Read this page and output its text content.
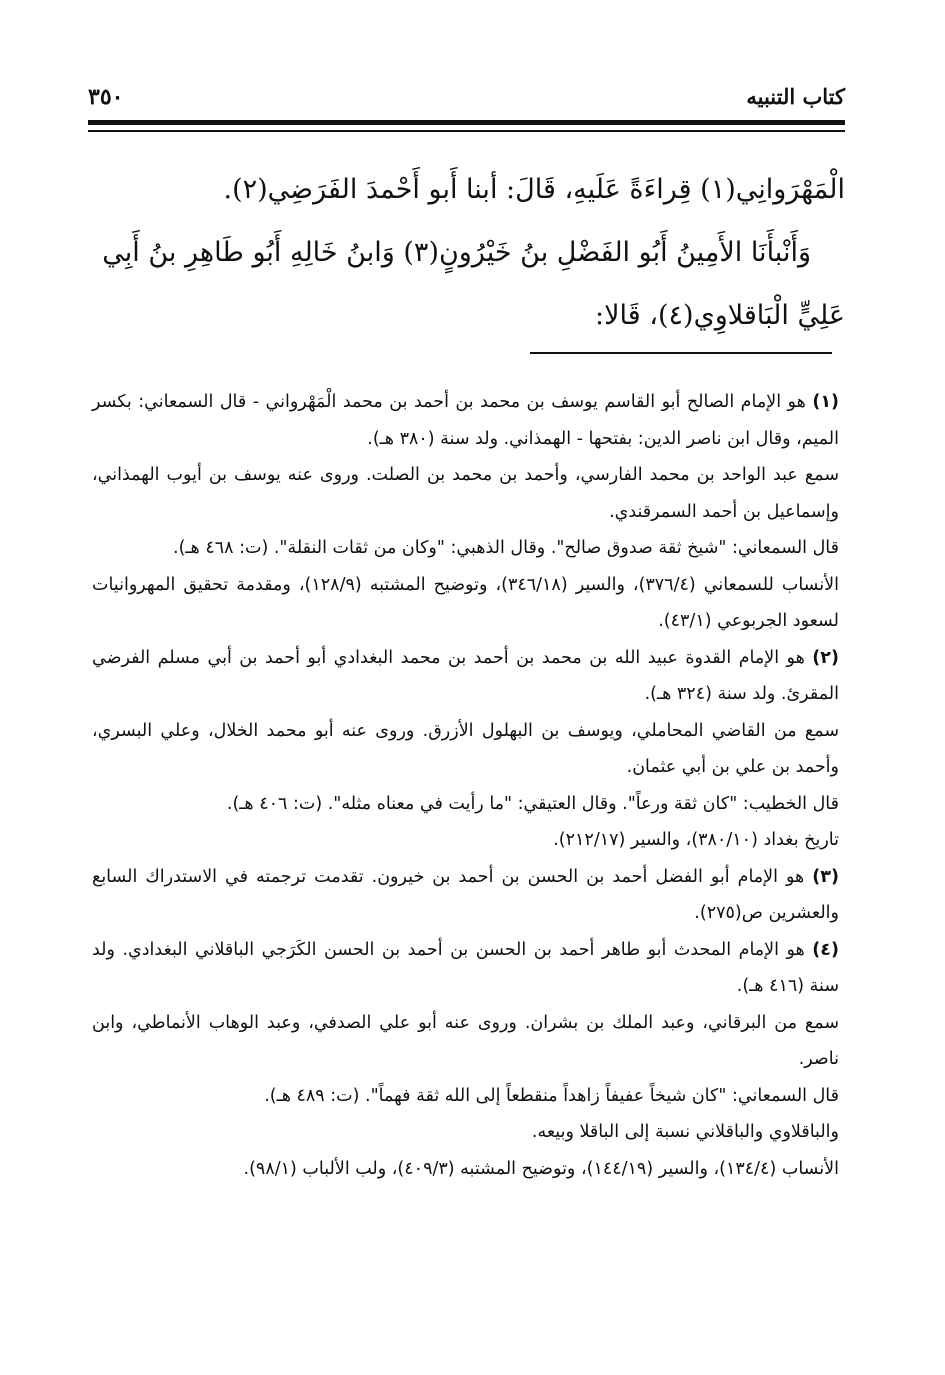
كتاب التنبيه
٣٥٠

الْمَهْرَوانِي(١) قِراءَةً عَلَيهِ، قَالَ: أبنا أَبو أَحْمدَ الفَرَضِي(٢).

وَأَنْبأَنَا الأَمِينُ أَبُو الفَضْلِ بنُ خَيْرُونٍ(٣) وَابنُ خَالِهِ أَبُو طَاهِرِ بنُ أَبِي عَلِيٍّ الْبَاقلاوِي(٤)، قَالا:

(١) هو الإمام الصالح أبو القاسم يوسف بن محمد بن أحمد بن محمد الْمَهْرواني - قال السمعاني: بكسر الميم، وقال ابن ناصر الدين: بفتحها - الهمذاني. ولد سنة (٣٨٠ هـ).

سمع عبد الواحد بن محمد الفارسي، وأحمد بن محمد بن الصلت. وروى عنه يوسف بن أيوب الهمذاني، وإسماعيل بن أحمد السمرقندي.

قال السمعاني: "شيخ ثقة صدوق صالح". وقال الذهبي: "وكان من ثقات النقلة". (ت: ٤٦٨ هـ).

الأنساب للسمعاني (٣٧٦/٤)، والسير (٣٤٦/١٨)، وتوضيح المشتبه (١٢٨/٩)، ومقدمة تحقيق المهروانيات لسعود الجربوعي (٤٣/١).

(٢) هو الإمام القدوة عبيد الله بن محمد بن أحمد بن محمد البغدادي أبو أحمد بن أبي مسلم الفرضي المقرئ. ولد سنة (٣٢٤ هـ).

سمع من القاضي المحاملي، ويوسف بن البهلول الأزرق. وروى عنه أبو محمد الخلال، وعلي البسري، وأحمد بن علي بن أبي عثمان.

قال الخطيب: "كان ثقة ورعاً". وقال العتيقي: "ما رأيت في معناه مثله". (ت: ٤٠٦ هـ).

تاريخ بغداد (٣٨٠/١٠)، والسير (٢١٢/١٧).

(٣) هو الإمام أبو الفضل أحمد بن الحسن بن أحمد بن خيرون. تقدمت ترجمته في الاستدراك السابع والعشرين ص(٢٧٥).

(٤) هو الإمام المحدث أبو طاهر أحمد بن الحسن بن أحمد بن الحسن الكَرَجي الباقلاني البغدادي. ولد سنة (٤١٦ هـ).

سمع من البرقاني، وعبد الملك بن بشران. وروى عنه أبو علي الصدفي، وعبد الوهاب الأنماطي، وابن ناصر.

قال السمعاني: "كان شيخاً عفيفاً زاهداً منقطعاً إلى الله ثقة فهماً". (ت: ٤٨٩ هـ).

والباقلاوي والباقلاني نسبة إلى الباقلا وبيعه.

الأنساب (١٣٤/٤)، والسير (١٤٤/١٩)، وتوضيح المشتبه (٤٠٩/٣)، ولب الألباب (٩٨/١).
